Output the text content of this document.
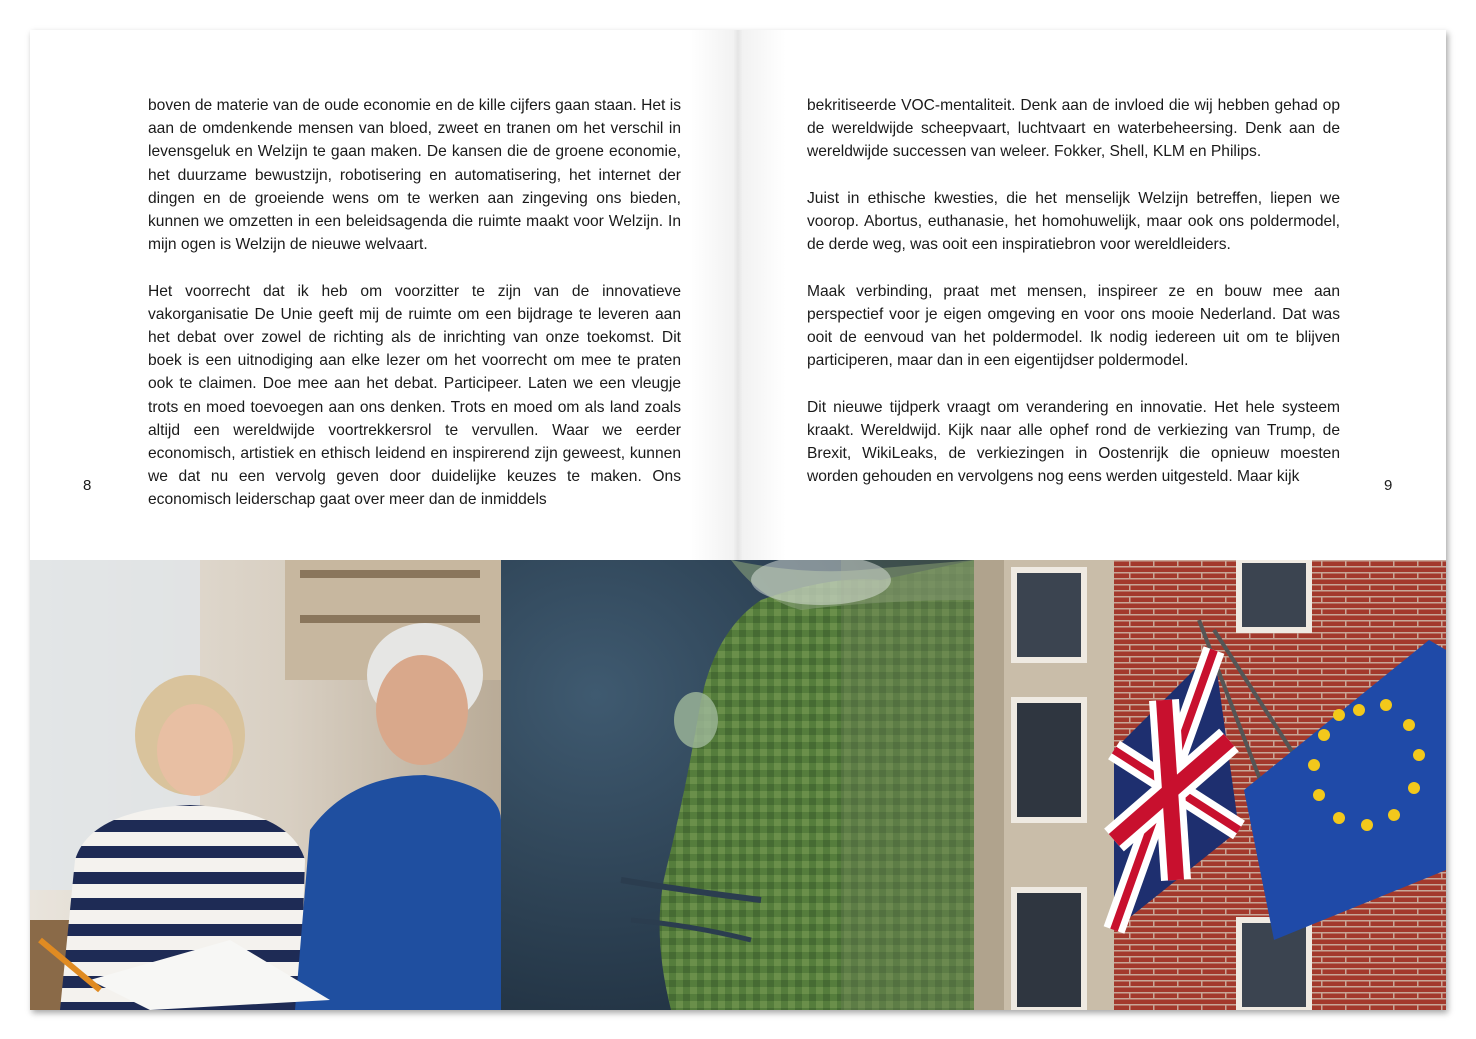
boven de materie van de oude economie en de kille cijfers gaan staan. Het is aan de omdenkende mensen van bloed, zweet en tranen om het verschil in levensgeluk en Welzijn te gaan maken. De kansen die de groene economie, het duurzame bewustzijn, robotisering en automatisering, het internet der dingen en de groeiende wens om te werken aan zingeving ons bieden, kunnen we omzetten in een beleidsagenda die ruimte maakt voor Welzijn. In mijn ogen is Welzijn de nieuwe welvaart.

Het voorrecht dat ik heb om voorzitter te zijn van de innovatieve vakorganisatie De Unie geeft mij de ruimte om een bijdrage te leveren aan het debat over zowel de richting als de inrichting van onze toekomst. Dit boek is een uitnodiging aan elke lezer om het voorrecht om mee te praten ook te claimen. Doe mee aan het debat. Participeer. Laten we een vleugje trots en moed toevoegen aan ons denken. Trots en moed om als land zoals altijd een wereldwijde voortrekkersrol te vervullen. Waar we eerder economisch, artistiek en ethisch leidend en inspirerend zijn geweest, kunnen we dat nu een vervolg geven door duidelijke keuzes te maken. Ons economisch leiderschap gaat over meer dan de inmiddels

8

bekritiseerde VOC-mentaliteit. Denk aan de invloed die wij hebben gehad op de wereldwijde scheepvaart, luchtvaart en waterbeheersing. Denk aan de wereldwijde successen van weleer. Fokker, Shell, KLM en Philips.

Juist in ethische kwesties, die het menselijk Welzijn betreffen, liepen we voorop. Abortus, euthanasie, het homohuwelijk, maar ook ons poldermodel, de derde weg, was ooit een inspiratiebron voor wereldleiders.

Maak verbinding, praat met mensen, inspireer ze en bouw mee aan perspectief voor je eigen omgeving en voor ons mooie Nederland. Dat was ooit de eenvoud van het poldermodel. Ik nodig iedereen uit om te blijven participeren, maar dan in een eigentijdser poldermodel.

Dit nieuwe tijdperk vraagt om verandering en innovatie. Het hele systeem kraakt. Wereldwijd. Kijk naar alle ophef rond de verkiezing van Trump, de Brexit, WikiLeaks, de verkiezingen in Oostenrijk die opnieuw moesten worden gehouden en vervolgens nog eens werden uitgesteld. Maar kijk

9
